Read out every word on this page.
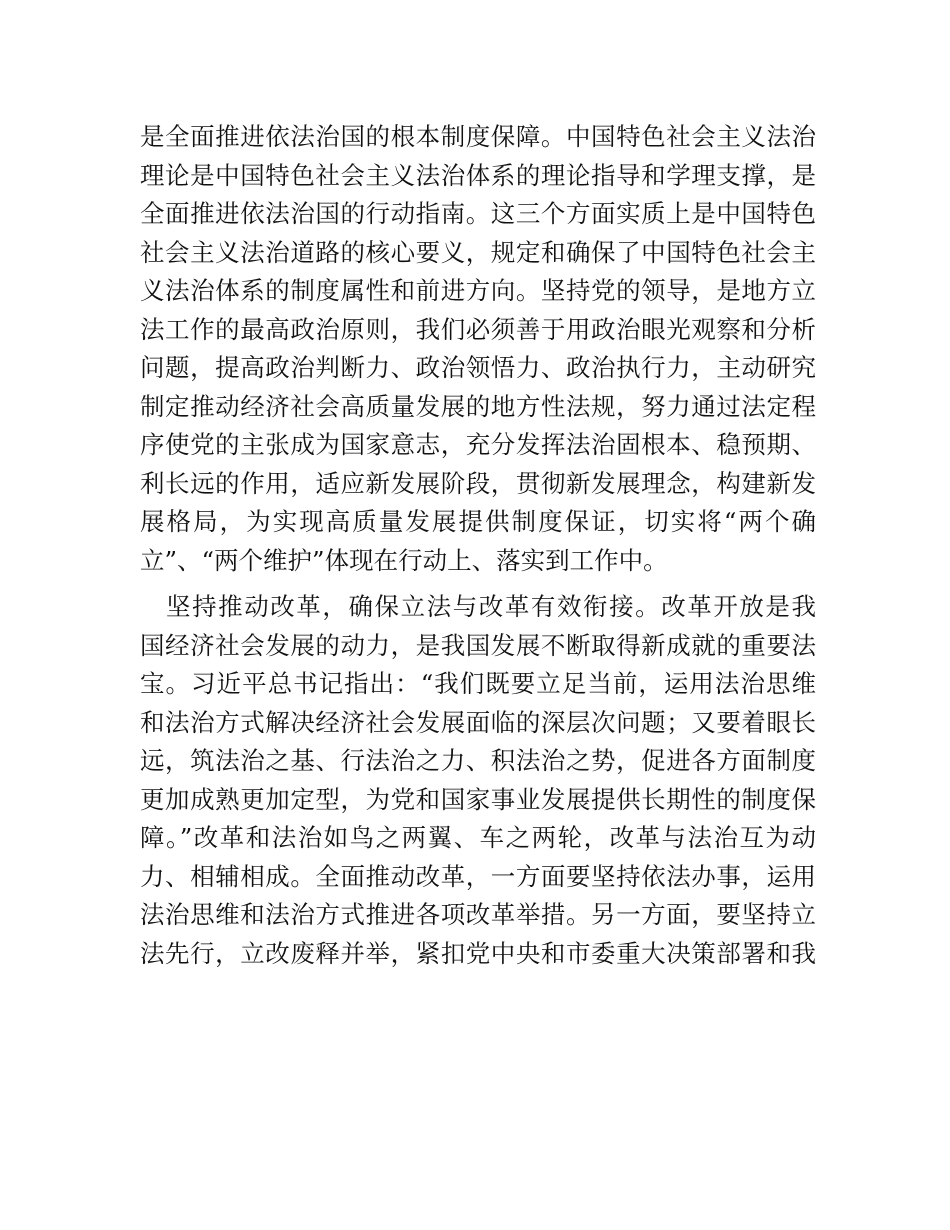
是全面推进依法治国的根本制度保障。中国特色社会主义法治
理论是中国特色社会主义法治体系的理论指导和学理支撑，是
全面推进依法治国的行动指南。这三个方面实质上是中国特色
社会主义法治道路的核心要义，规定和确保了中国特色社会主
义法治体系的制度属性和前进方向。坚持党的领导，是地方立
法工作的最高政治原则，我们必须善于用政治眼光观察和分析
问题，提高政治判断力、政治领悟力、政治执行力，主动研究
制定推动经济社会高质量发展的地方性法规，努力通过法定程
序使党的主张成为国家意志，充分发挥法治固根本、稳预期、
利长远的作用，适应新发展阶段，贯彻新发展理念，构建新发
展格局，为实现高质量发展提供制度保证，切实将“两个确
立”、“两个维护”体现在行动上、落实到工作中。
　坚持推动改革，确保立法与改革有效衔接。改革开放是我
国经济社会发展的动力，是我国发展不断取得新成就的重要法
宝。习近平总书记指出：“我们既要立足当前，运用法治思维
和法治方式解决经济社会发展面临的深层次问题；又要着眼长
远，筑法治之基、行法治之力、积法治之势，促进各方面制度
更加成熟更加定型，为党和国家事业发展提供长期性的制度保
障。”改革和法治如鸟之两翼、车之两轮，改革与法治互为动
力、相辅相成。全面推动改革，一方面要坚持依法办事，运用
法治思维和法治方式推进各项改革举措。另一方面，要坚持立
法先行，立改废释并举，紧扣党中央和市委重大决策部署和我
